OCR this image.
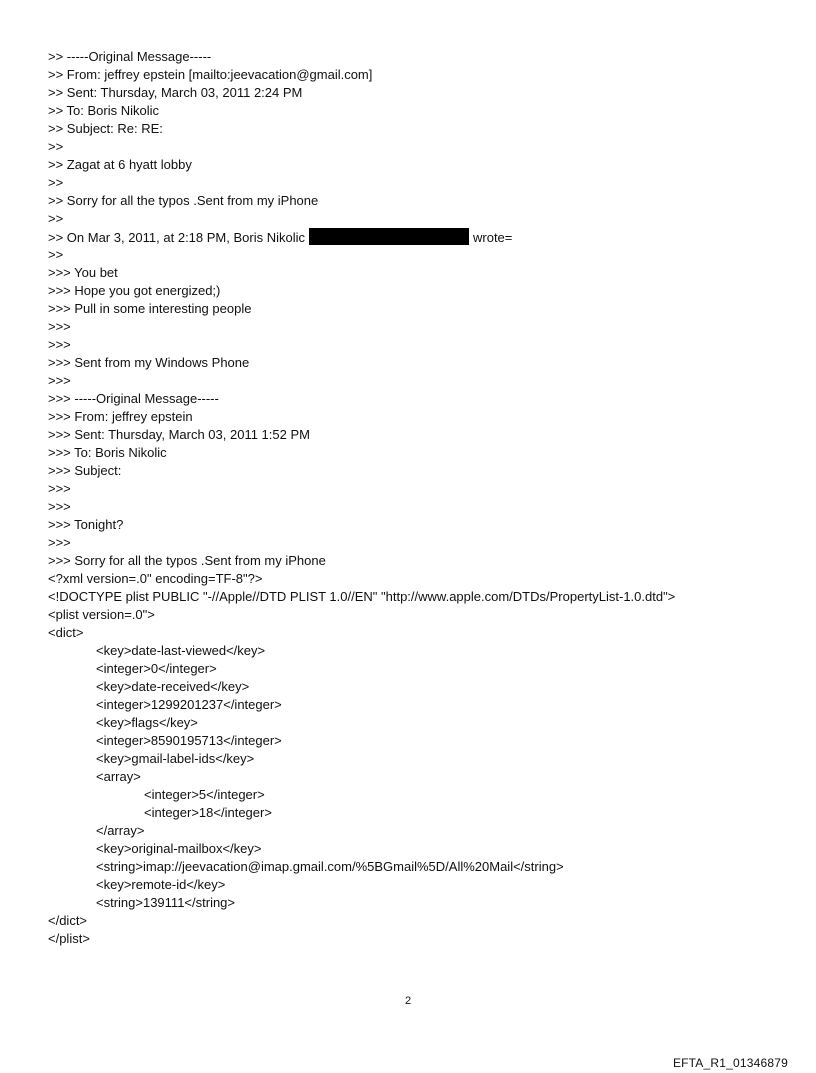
>> -----Original Message-----
>> From: jeffrey epstein [mailto:jeevacation@gmail.com]
>> Sent: Thursday, March 03, 2011 2:24 PM
>> To: Boris Nikolic
>> Subject: Re: RE:
>>
>> Zagat at 6 hyatt lobby
>>
>> Sorry for all the typos .Sent from my iPhone
>>
>> On Mar 3, 2011, at 2:18 PM, Boris Nikolic	wrote=
>>
>>> You bet
>>> Hope you got energized;)
>>> Pull in some interesting people
>>>
>>>
>>> Sent from my Windows Phone
>>>
>>> -----Original Message-----
>>> From: jeffrey epstein
>>> Sent: Thursday, March 03, 2011 1:52 PM
>>> To: Boris Nikolic
>>> Subject:
>>>
>>>
>>> Tonight?
>>>
>>> Sorry for all the typos .Sent from my iPhone
<?xml version=.0" encoding=TF-8"?>
<!DOCTYPE plist PUBLIC "-//Apple//DTD PLIST 1.0//EN" "http://www.apple.com/DTDs/PropertyList-1.0.dtd">
<plist version=.0">
<dict>
<key>date-last-viewed</key>
<integer>0</integer>
<key>date-received</key>
<integer>1299201237</integer>
<key>flags</key>
<integer>8590195713</integer>
<key>gmail-label-ids</key>
<array>
<integer>5</integer>
<integer>18</integer>
</array>
<key>original-mailbox</key>
<string>imap://jeevacation@imap.gmail.com/%5BGmail%5D/All%20Mail</string>
<key>remote-id</key>
<string>139111</string>
</dict>
</plist>
2
EFTA_R1_01346879
